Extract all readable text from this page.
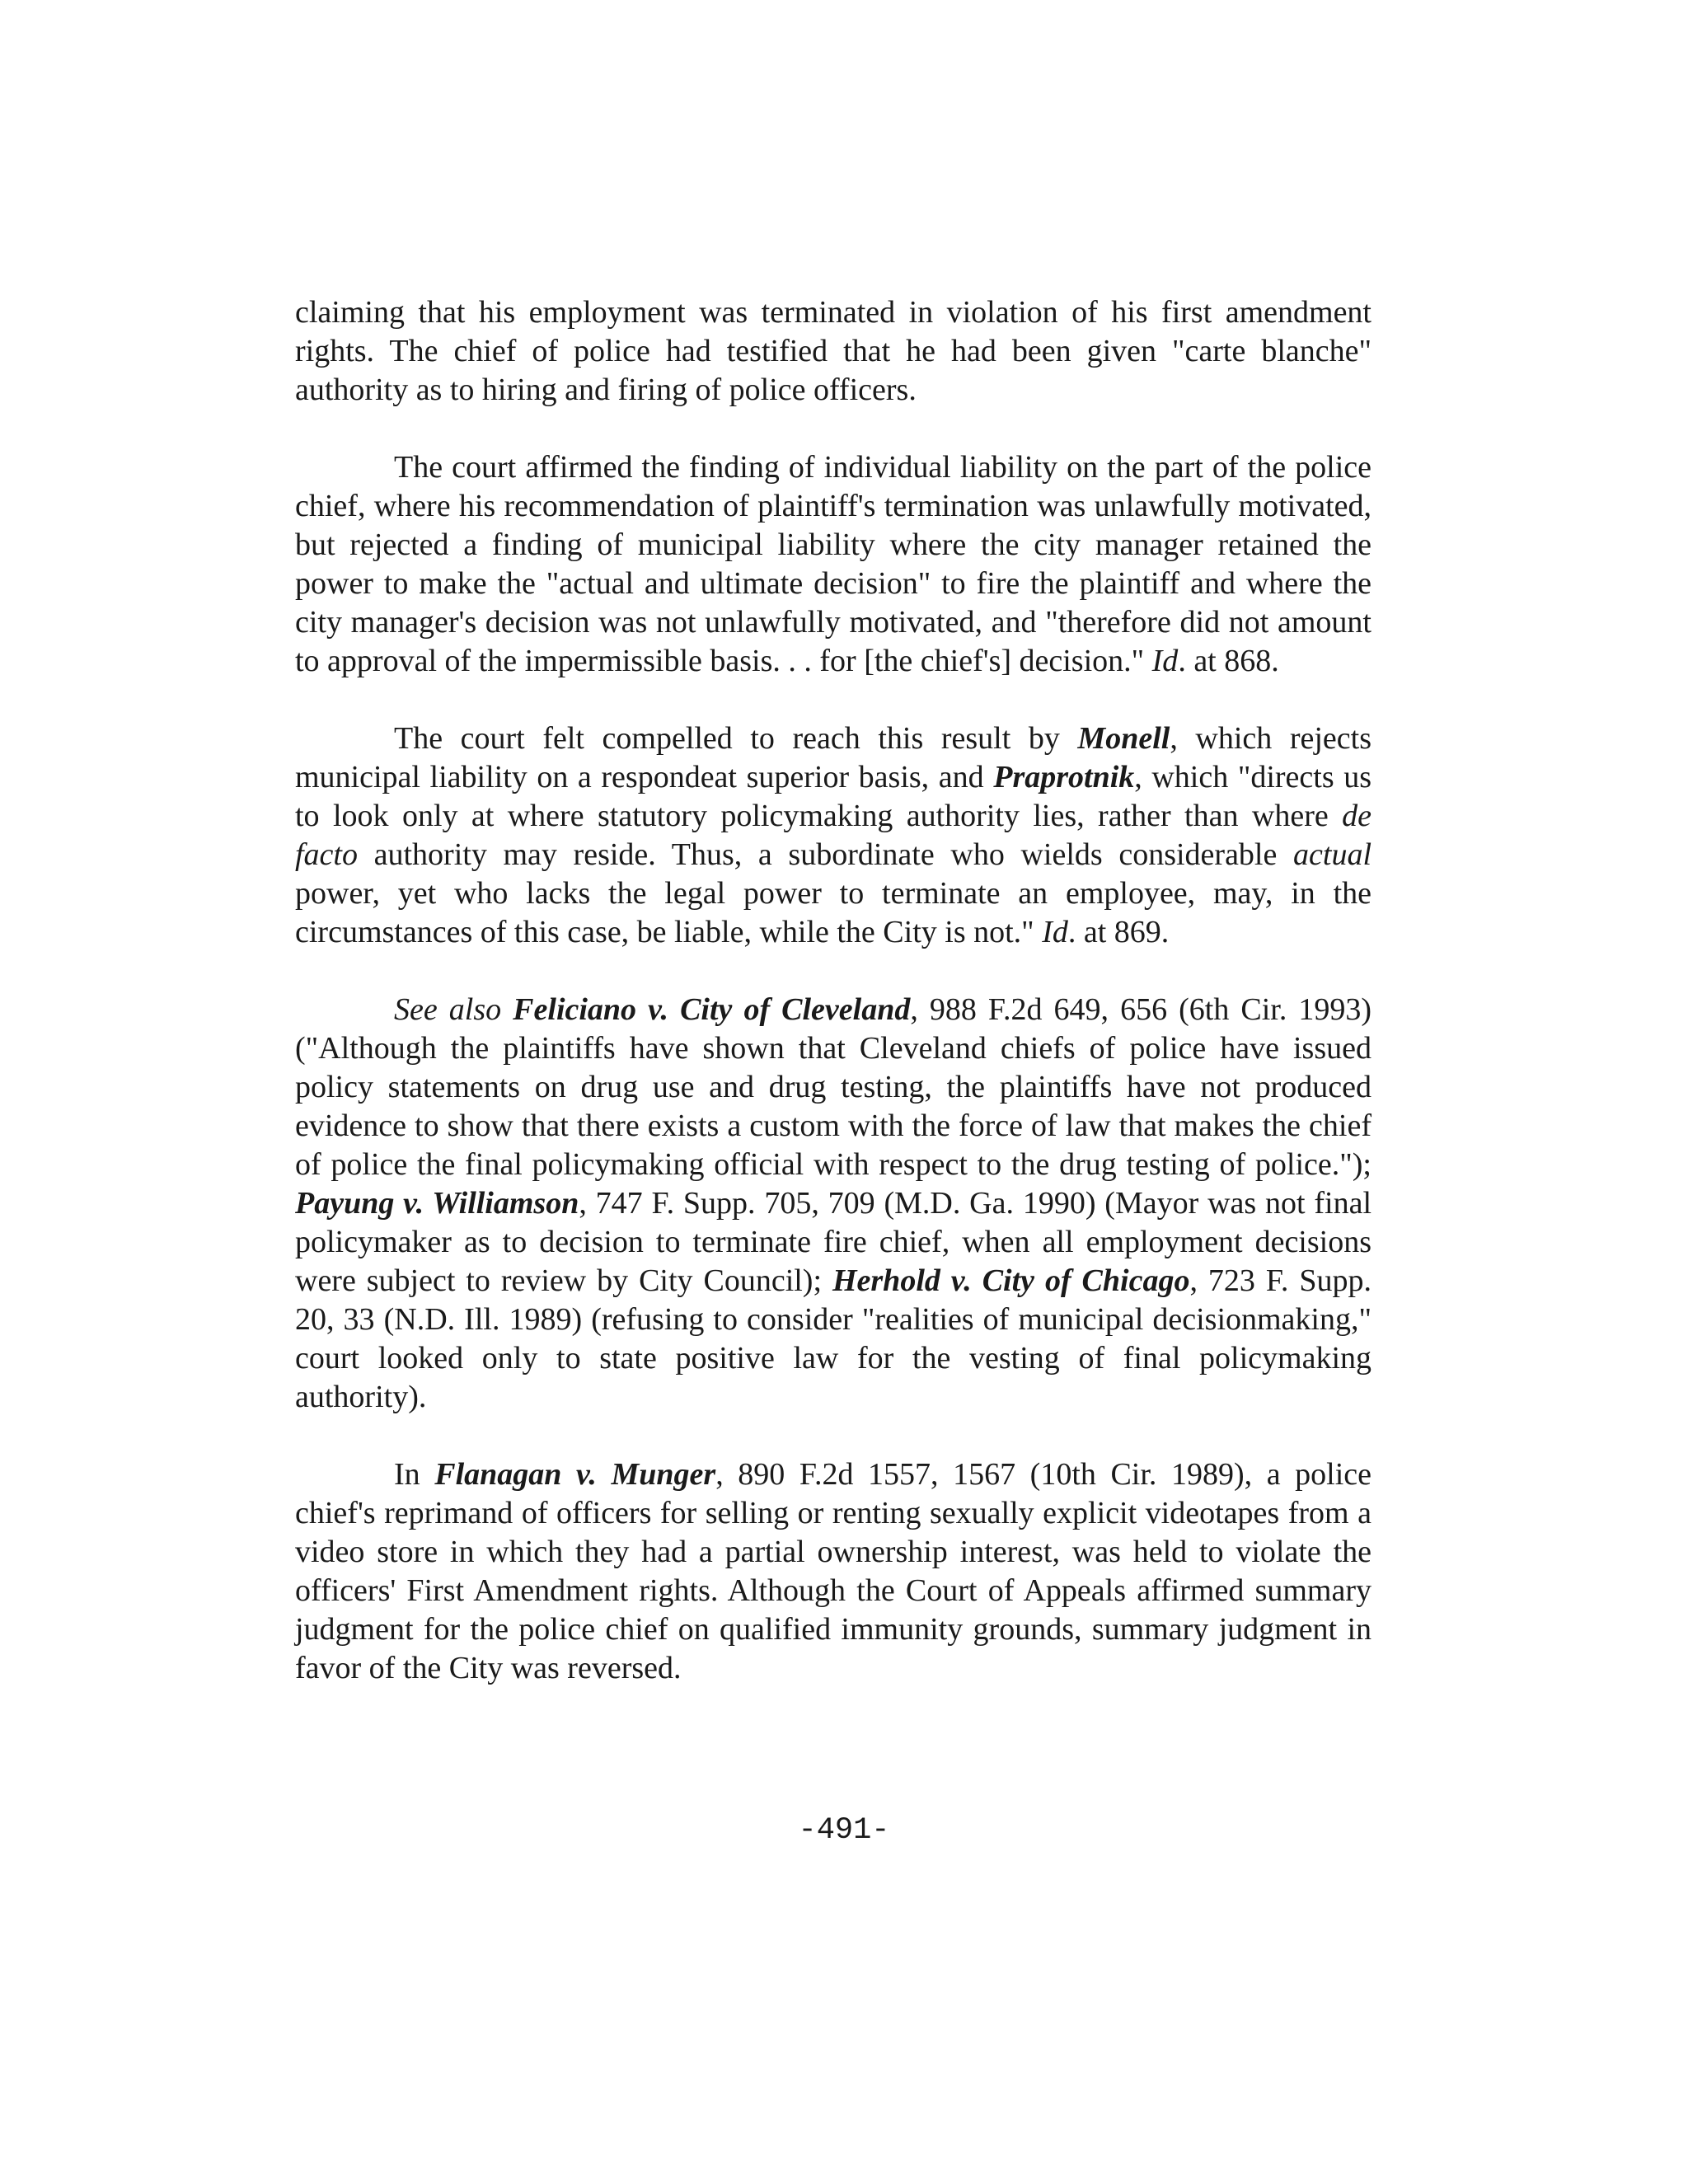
claiming that his employment was terminated in violation of his first amendment rights. The chief of police had testified that he had been given "carte blanche" authority as to hiring and firing of police officers.

The court affirmed the finding of individual liability on the part of the police chief, where his recommendation of plaintiff's termination was unlawfully motivated, but rejected a finding of municipal liability where the city manager retained the power to make the "actual and ultimate decision" to fire the plaintiff and where the city manager's decision was not unlawfully motivated, and "therefore did not amount to approval of the impermissible basis. . . for [the chief's] decision." Id. at 868.

The court felt compelled to reach this result by Monell, which rejects municipal liability on a respondeat superior basis, and Praprotnik, which "directs us to look only at where statutory policymaking authority lies, rather than where de facto authority may reside. Thus, a subordinate who wields considerable actual power, yet who lacks the legal power to terminate an employee, may, in the circumstances of this case, be liable, while the City is not." Id. at 869.

See also Feliciano v. City of Cleveland, 988 F.2d 649, 656 (6th Cir. 1993) ("Although the plaintiffs have shown that Cleveland chiefs of police have issued policy statements on drug use and drug testing, the plaintiffs have not produced evidence to show that there exists a custom with the force of law that makes the chief of police the final policymaking official with respect to the drug testing of police."); Payung v. Williamson, 747 F. Supp. 705, 709 (M.D. Ga. 1990) (Mayor was not final policymaker as to decision to terminate fire chief, when all employment decisions were subject to review by City Council); Herhold v. City of Chicago, 723 F. Supp. 20, 33 (N.D. Ill. 1989) (refusing to consider "realities of municipal decisionmaking," court looked only to state positive law for the vesting of final policymaking authority).

In Flanagan v. Munger, 890 F.2d 1557, 1567 (10th Cir. 1989), a police chief's reprimand of officers for selling or renting sexually explicit videotapes from a video store in which they had a partial ownership interest, was held to violate the officers' First Amendment rights. Although the Court of Appeals affirmed summary judgment for the police chief on qualified immunity grounds, summary judgment in favor of the City was reversed.

-491-
